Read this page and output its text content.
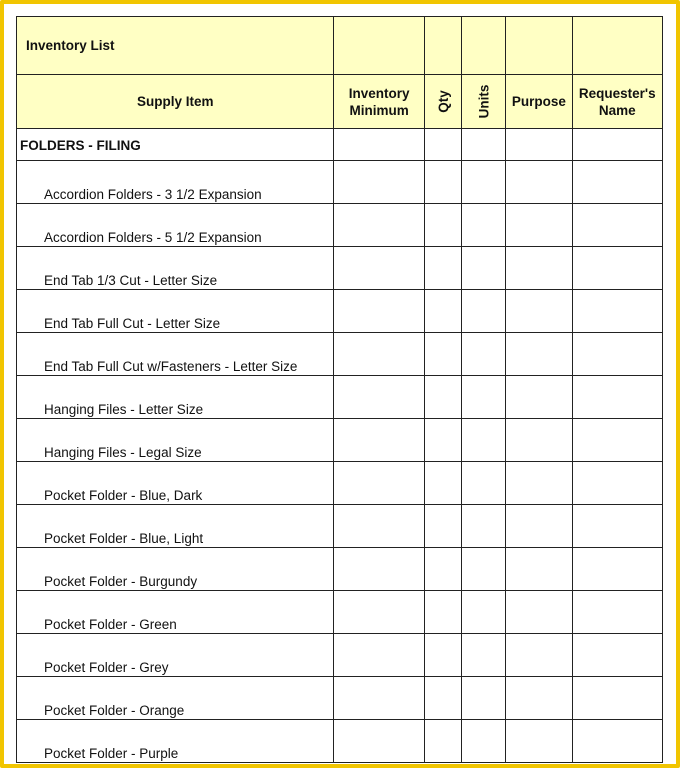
Inventory List					
Supply Item	Inventory Minimum	Qty	Units	Purpose	Requester's Name
FOLDERS - FILING					
Accordion Folders - 3 1/2 Expansion					
Accordion Folders - 5 1/2 Expansion					
End Tab 1/3 Cut - Letter Size					
End Tab Full Cut - Letter Size					
End Tab Full Cut w/Fasteners - Letter Size					
Hanging Files - Letter Size					
Hanging Files - Legal Size					
Pocket Folder - Blue, Dark					
Pocket Folder - Blue, Light					
Pocket Folder - Burgundy					
Pocket Folder - Green					
Pocket Folder - Grey					
Pocket Folder - Orange					
Pocket Folder - Purple					
